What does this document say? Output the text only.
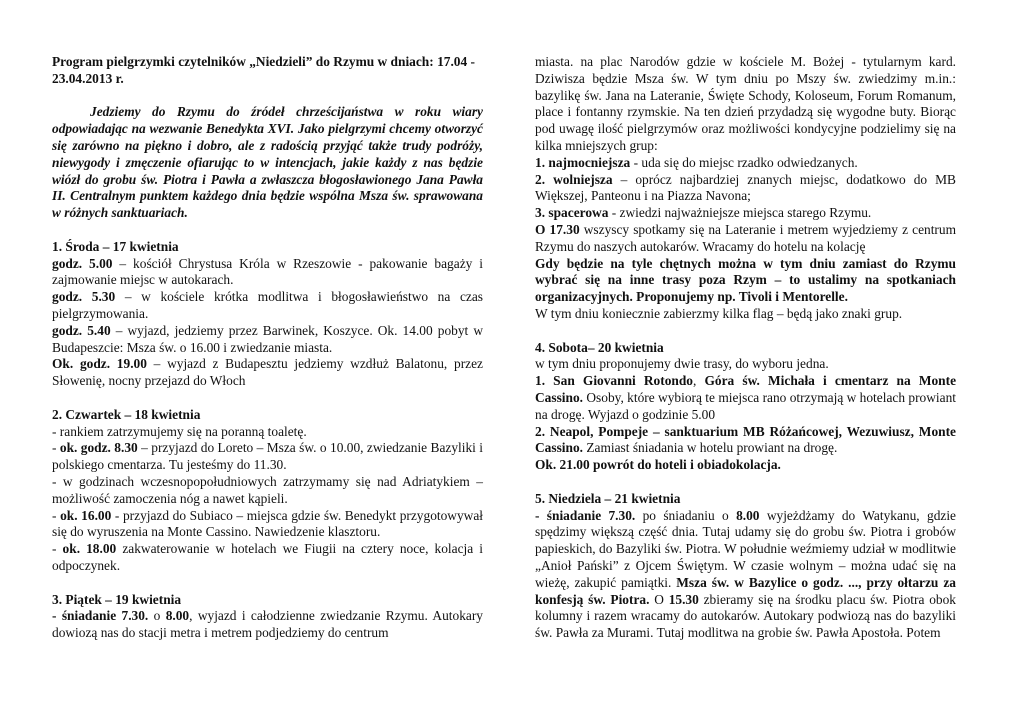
Program pielgrzymki czytelników „Niedzieli” do Rzymu w dniach: 17.04 - 23.04.2013 r.

Jedziemy do Rzymu do źródeł chrześcijaństwa w roku wiary odpowiadając na wezwanie Benedykta XVI. Jako pielgrzymi chcemy otworzyć się zarówno na piękno i dobro, ale z radością przyjąć także trudy podróży, niewygody i zmęczenie ofiarując to w intencjach, jakie każdy z nas będzie wiózł do grobu św. Piotra i Pawła a zwłaszcza błogosławionego Jana Pawła II. Centralnym punktem każdego dnia będzie wspólna Msza św. sprawowana w różnych sanktuariach.

1. Środa – 17 kwietnia

godz. 5.00 – kościół Chrystusa Króla w Rzeszowie - pakowanie bagaży i zajmowanie miejsc w autokarach.

godz. 5.30 – w kościele krótka modlitwa i błogosławieństwo na czas pielgrzymowania.

godz. 5.40 – wyjazd, jedziemy przez Barwinek, Koszyce. Ok. 14.00 pobyt w Budapeszcie: Msza św. o 16.00 i zwiedzanie miasta.

Ok. godz. 19.00 – wyjazd z Budapesztu jedziemy wzdłuż Balatonu, przez Słowenię, nocny przejazd do Włoch

2. Czwartek – 18 kwietnia

- rankiem zatrzymujemy się na poranną toaletę.

- ok. godz. 8.30 – przyjazd do Loreto – Msza św. o 10.00, zwiedzanie Bazyliki i polskiego cmentarza. Tu jesteśmy do 11.30.

- w godzinach wczesnopopołudniowych zatrzymamy się nad Adriatykiem – możliwość zamoczenia nóg a nawet kąpieli.

- ok. 16.00 - przyjazd do Subiaco – miejsca gdzie św. Benedykt przygotowywał się do wyruszenia na Monte Cassino. Nawiedzenie klasztoru.

- ok. 18.00 zakwaterowanie w hotelach we Fiugii na cztery noce, kolacja i odpoczynek.

3. Piątek – 19 kwietnia

- śniadanie 7.30. o 8.00, wyjazd i całodzienne zwiedzanie Rzymu. Autokary dowiozą nas do stacji metra i metrem podjedziemy do centrum

miasta. na plac Narodów gdzie w kościele M. Bożej - tytularnym kard. Dziwisza będzie Msza św. W tym dniu po Mszy św. zwiedzimy m.in.: bazylikę św. Jana na Lateranie, Święte Schody, Koloseum, Forum Romanum, place i fontanny rzymskie. Na ten dzień przydadzą się wygodne buty. Biorąc pod uwagę ilość pielgrzymów oraz możliwości kondycyjne podzielimy się na kilka mniejszych grup:

1. najmocniejsza - uda się do miejsc rzadko odwiedzanych.

2. wolniejsza – oprócz najbardziej znanych miejsc, dodatkowo do MB Większej, Panteonu i na Piazza Navona;

3. spacerowa - zwiedzi najważniejsze miejsca starego Rzymu.

O 17.30 wszyscy spotkamy się na Lateranie i metrem wyjedziemy z centrum Rzymu do naszych autokarów. Wracamy do hotelu na kolację

Gdy będzie na tyle chętnych można w tym dniu zamiast do Rzymu wybrać się na inne trasy poza Rzym – to ustalimy na spotkaniach organizacyjnych. Proponujemy np. Tivoli i Mentorelle.

W tym dniu koniecznie zabierzmy kilka flag – będą jako znaki grup.

4. Sobota– 20 kwietnia

w tym dniu proponujemy dwie trasy, do wyboru jedna.

1. San Giovanni Rotondo, Góra św. Michała i cmentarz na Monte Cassino. Osoby, które wybiorą te miejsca rano otrzymają w hotelach prowiant na drogę. Wyjazd o godzinie 5.00

2. Neapol, Pompeje – sanktuarium MB Różańcowej, Wezuwiusz, Monte Cassino. Zamiast śniadania w hotelu prowiant na drogę.

Ok. 21.00 powrót do hoteli i obiadokolacja.

5. Niedziela – 21 kwietnia

- śniadanie 7.30. po śniadaniu o 8.00 wyjeżdżamy do Watykanu, gdzie spędzimy większą część dnia. Tutaj udamy się do grobu św. Piotra i grobów papieskich, do Bazyliki św. Piotra. W południe weźmiemy udział w modlitwie „Anioł Pański” z Ojcem Świętym. W czasie wolnym – można udać się na wieżę, zakupić pamiątki. Msza św. w Bazylice o godz. ..., przy ołtarzu za konfesją św. Piotra. O 15.30 zbieramy się na środku placu św. Piotra obok kolumny i razem wracamy do autokarów. Autokary podwiozą nas do bazyliki św. Pawła za Murami. Tutaj modlitwa na grobie św. Pawła Apostoła. Potem
